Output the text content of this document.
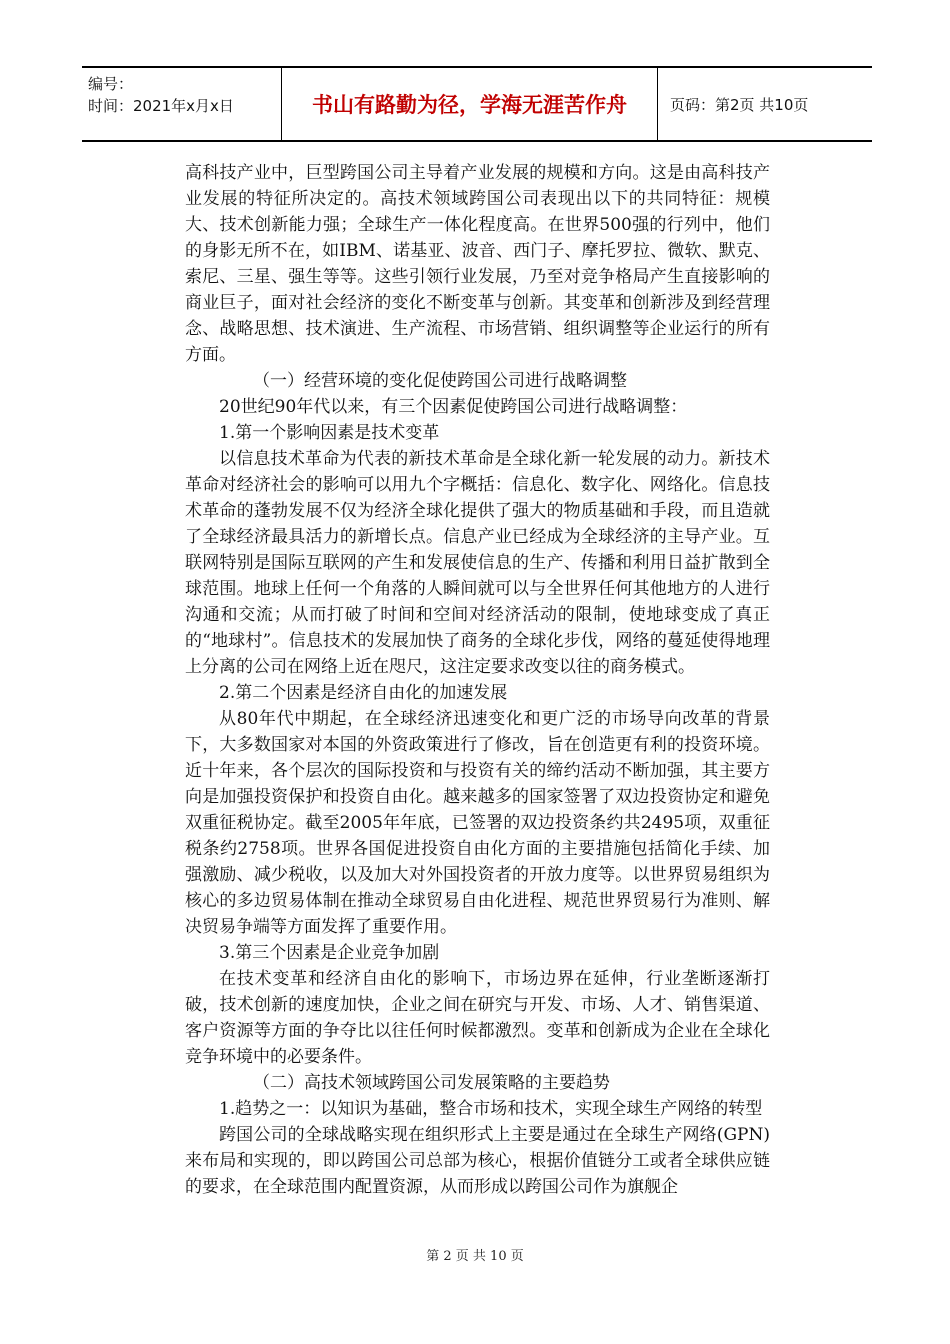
编号：
时间：2021年x月x日	书山有路勤为径，学海无涯苦作舟	页码：第2页 共10页

高科技产业中，巨型跨国公司主导着产业发展的规模和方向。这是由高科技产业发展的特征所决定的。高技术领域跨国公司表现出以下的共同特征：规模大、技术创新能力强；全球生产一体化程度高。在世界500强的行列中，他们的身影无所不在，如IBM、诺基亚、波音、西门子、摩托罗拉、微软、默克、索尼、三星、强生等等。这些引领行业发展，乃至对竞争格局产生直接影响的商业巨子，面对社会经济的变化不断变革与创新。其变革和创新涉及到经营理念、战略思想、技术演进、生产流程、市场营销、组织调整等企业运行的所有方面。

（一）经营环境的变化促使跨国公司进行战略调整

20世纪90年代以来，有三个因素促使跨国公司进行战略调整：

1.第一个影响因素是技术变革

以信息技术革命为代表的新技术革命是全球化新一轮发展的动力。新技术革命对经济社会的影响可以用九个字概括：信息化、数字化、网络化。信息技术革命的蓬勃发展不仅为经济全球化提供了强大的物质基础和手段，而且造就了全球经济最具活力的新增长点。信息产业已经成为全球经济的主导产业。互联网特别是国际互联网的产生和发展使信息的生产、传播和利用日益扩散到全球范围。地球上任何一个角落的人瞬间就可以与全世界任何其他地方的人进行沟通和交流；从而打破了时间和空间对经济活动的限制，使地球变成了真正的“地球村”。信息技术的发展加快了商务的全球化步伐，网络的蔓延使得地理上分离的公司在网络上近在咫尺，这注定要求改变以往的商务模式。

2.第二个因素是经济自由化的加速发展

从80年代中期起，在全球经济迅速变化和更广泛的市场导向改革的背景下，大多数国家对本国的外资政策进行了修改，旨在创造更有利的投资环境。近十年来，各个层次的国际投资和与投资有关的缔约活动不断加强，其主要方向是加强投资保护和投资自由化。越来越多的国家签署了双边投资协定和避免双重征税协定。截至2005年年底，已签署的双边投资条约共2495项，双重征税条约2758项。世界各国促进投资自由化方面的主要措施包括简化手续、加强激励、减少税收，以及加大对外国投资者的开放力度等。以世界贸易组织为核心的多边贸易体制在推动全球贸易自由化进程、规范世界贸易行为准则、解决贸易争端等方面发挥了重要作用。

3.第三个因素是企业竞争加剧

在技术变革和经济自由化的影响下，市场边界在延伸，行业垄断逐渐打破，技术创新的速度加快，企业之间在研究与开发、市场、人才、销售渠道、客户资源等方面的争夺比以往任何时候都激烈。变革和创新成为企业在全球化竞争环境中的必要条件。

（二）高技术领域跨国公司发展策略的主要趋势

1.趋势之一：以知识为基础，整合市场和技术，实现全球生产网络的转型

跨国公司的全球战略实现在组织形式上主要是通过在全球生产网络(GPN)来布局和实现的，即以跨国公司总部为核心，根据价值链分工或者全球供应链的要求，在全球范围内配置资源，从而形成以跨国公司作为旗舰企

第 2 页 共 10 页
